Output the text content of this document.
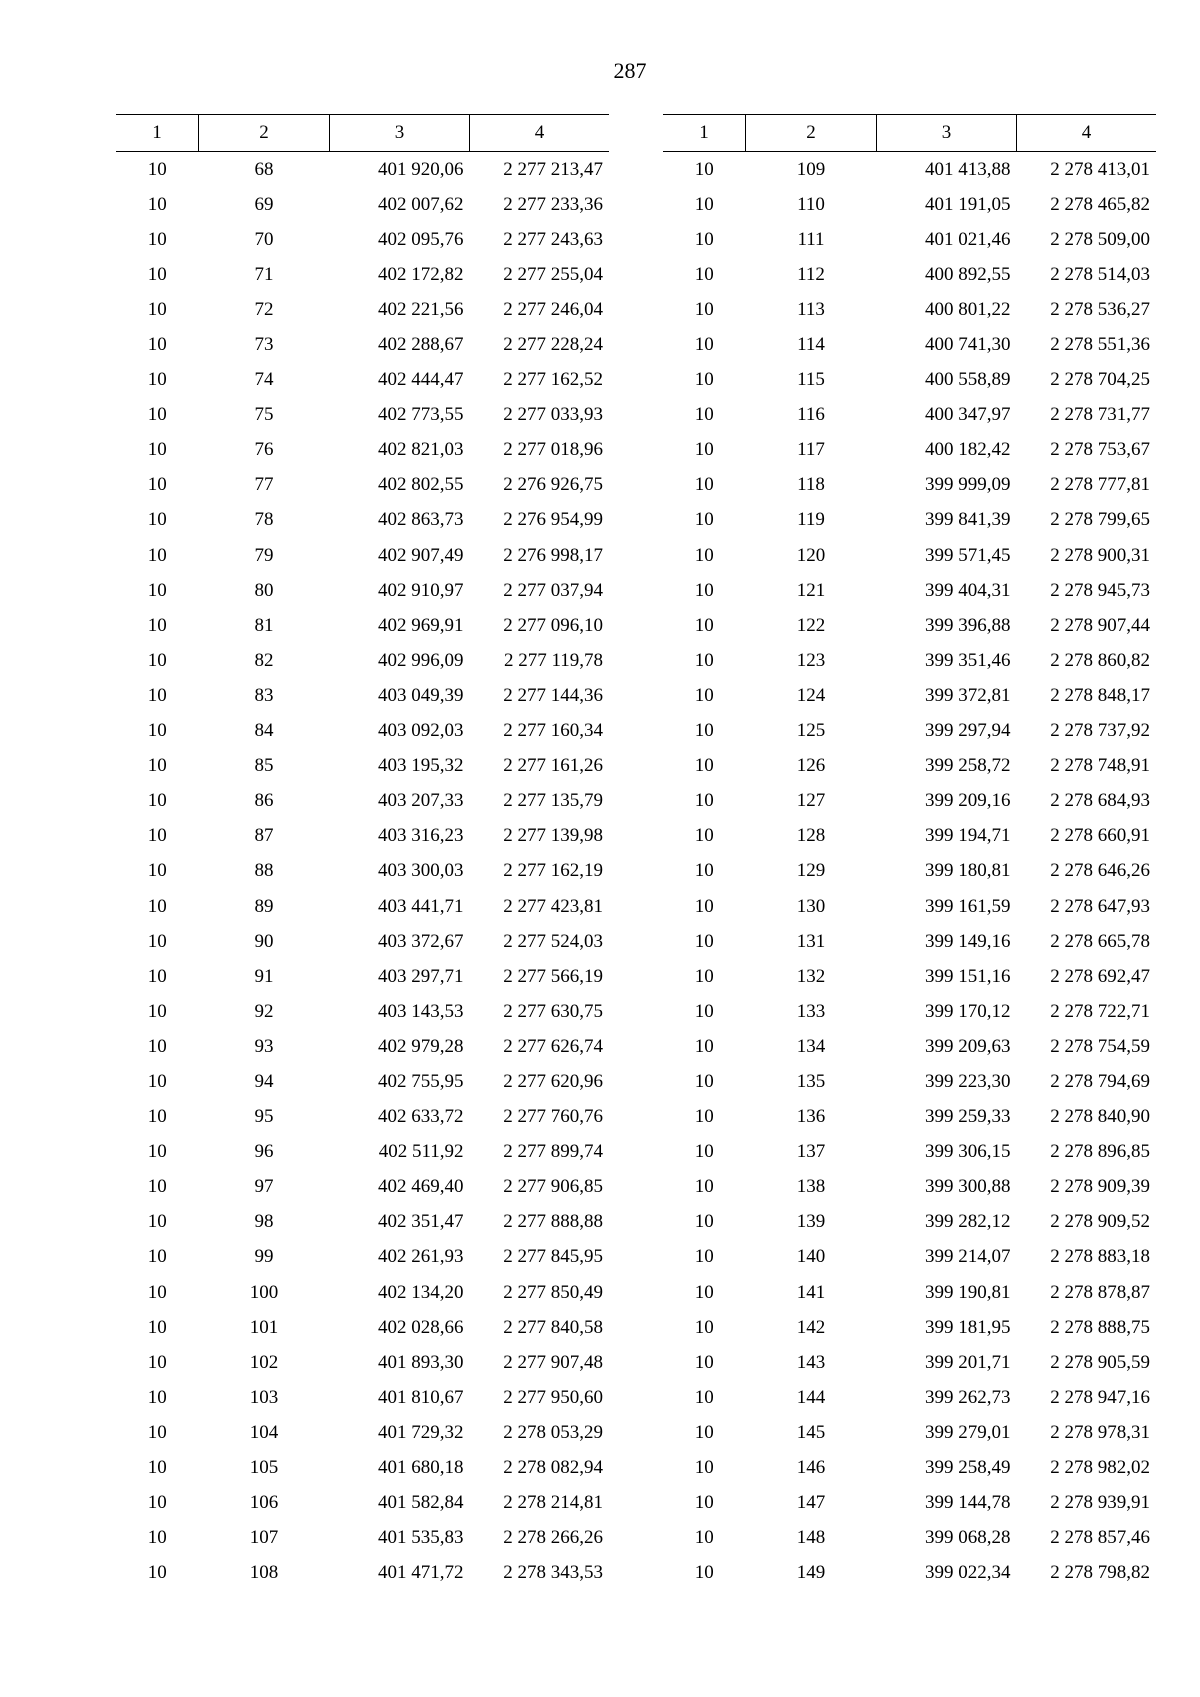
287
1	2	3	4
10	68	401 920,06	2 277 213,47
10	69	402 007,62	2 277 233,36
10	70	402 095,76	2 277 243,63
10	71	402 172,82	2 277 255,04
10	72	402 221,56	2 277 246,04
10	73	402 288,67	2 277 228,24
10	74	402 444,47	2 277 162,52
10	75	402 773,55	2 277 033,93
10	76	402 821,03	2 277 018,96
10	77	402 802,55	2 276 926,75
10	78	402 863,73	2 276 954,99
10	79	402 907,49	2 276 998,17
10	80	402 910,97	2 277 037,94
10	81	402 969,91	2 277 096,10
10	82	402 996,09	2 277 119,78
10	83	403 049,39	2 277 144,36
10	84	403 092,03	2 277 160,34
10	85	403 195,32	2 277 161,26
10	86	403 207,33	2 277 135,79
10	87	403 316,23	2 277 139,98
10	88	403 300,03	2 277 162,19
10	89	403 441,71	2 277 423,81
10	90	403 372,67	2 277 524,03
10	91	403 297,71	2 277 566,19
10	92	403 143,53	2 277 630,75
10	93	402 979,28	2 277 626,74
10	94	402 755,95	2 277 620,96
10	95	402 633,72	2 277 760,76
10	96	402 511,92	2 277 899,74
10	97	402 469,40	2 277 906,85
10	98	402 351,47	2 277 888,88
10	99	402 261,93	2 277 845,95
10	100	402 134,20	2 277 850,49
10	101	402 028,66	2 277 840,58
10	102	401 893,30	2 277 907,48
10	103	401 810,67	2 277 950,60
10	104	401 729,32	2 278 053,29
10	105	401 680,18	2 278 082,94
10	106	401 582,84	2 278 214,81
10	107	401 535,83	2 278 266,26
10	108	401 471,72	2 278 343,53
1	2	3	4
10	109	401 413,88	2 278 413,01
10	110	401 191,05	2 278 465,82
10	111	401 021,46	2 278 509,00
10	112	400 892,55	2 278 514,03
10	113	400 801,22	2 278 536,27
10	114	400 741,30	2 278 551,36
10	115	400 558,89	2 278 704,25
10	116	400 347,97	2 278 731,77
10	117	400 182,42	2 278 753,67
10	118	399 999,09	2 278 777,81
10	119	399 841,39	2 278 799,65
10	120	399 571,45	2 278 900,31
10	121	399 404,31	2 278 945,73
10	122	399 396,88	2 278 907,44
10	123	399 351,46	2 278 860,82
10	124	399 372,81	2 278 848,17
10	125	399 297,94	2 278 737,92
10	126	399 258,72	2 278 748,91
10	127	399 209,16	2 278 684,93
10	128	399 194,71	2 278 660,91
10	129	399 180,81	2 278 646,26
10	130	399 161,59	2 278 647,93
10	131	399 149,16	2 278 665,78
10	132	399 151,16	2 278 692,47
10	133	399 170,12	2 278 722,71
10	134	399 209,63	2 278 754,59
10	135	399 223,30	2 278 794,69
10	136	399 259,33	2 278 840,90
10	137	399 306,15	2 278 896,85
10	138	399 300,88	2 278 909,39
10	139	399 282,12	2 278 909,52
10	140	399 214,07	2 278 883,18
10	141	399 190,81	2 278 878,87
10	142	399 181,95	2 278 888,75
10	143	399 201,71	2 278 905,59
10	144	399 262,73	2 278 947,16
10	145	399 279,01	2 278 978,31
10	146	399 258,49	2 278 982,02
10	147	399 144,78	2 278 939,91
10	148	399 068,28	2 278 857,46
10	149	399 022,34	2 278 798,82
